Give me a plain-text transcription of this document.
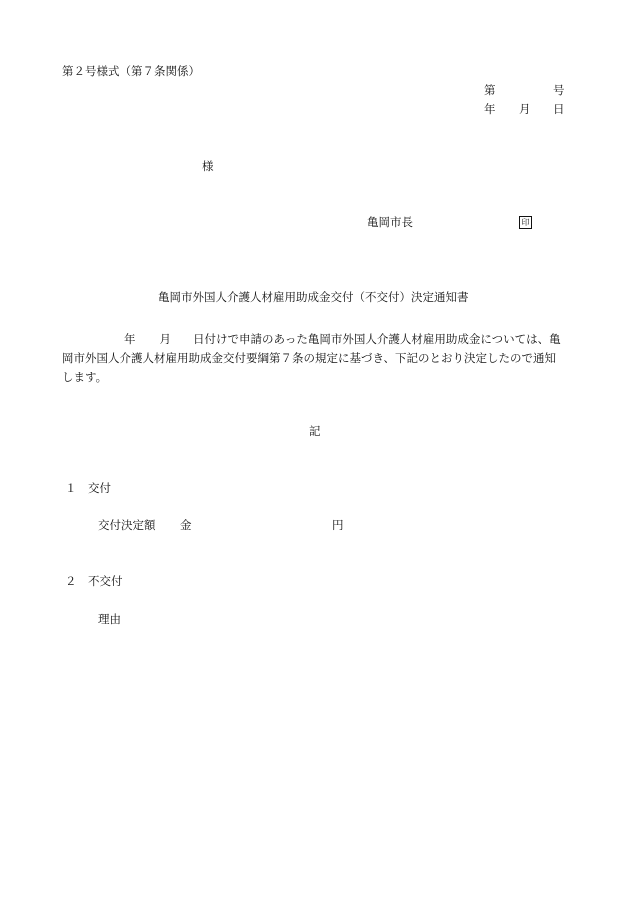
第２号様式（第７条関係）
第	号
年 月 日
様
亀岡市長	印
亀岡市外国人介護人材雇用助成金交付（不交付）決定通知書
年 月 日付けで申請のあった亀岡市外国人介護人材雇用助成金については、亀
岡市外国人介護人材雇用助成金交付要綱第７条の規定に基づき、下記のとおり決定したので通知
します。
記
１　交付
交付決定額 金	円
２　不交付
理由
